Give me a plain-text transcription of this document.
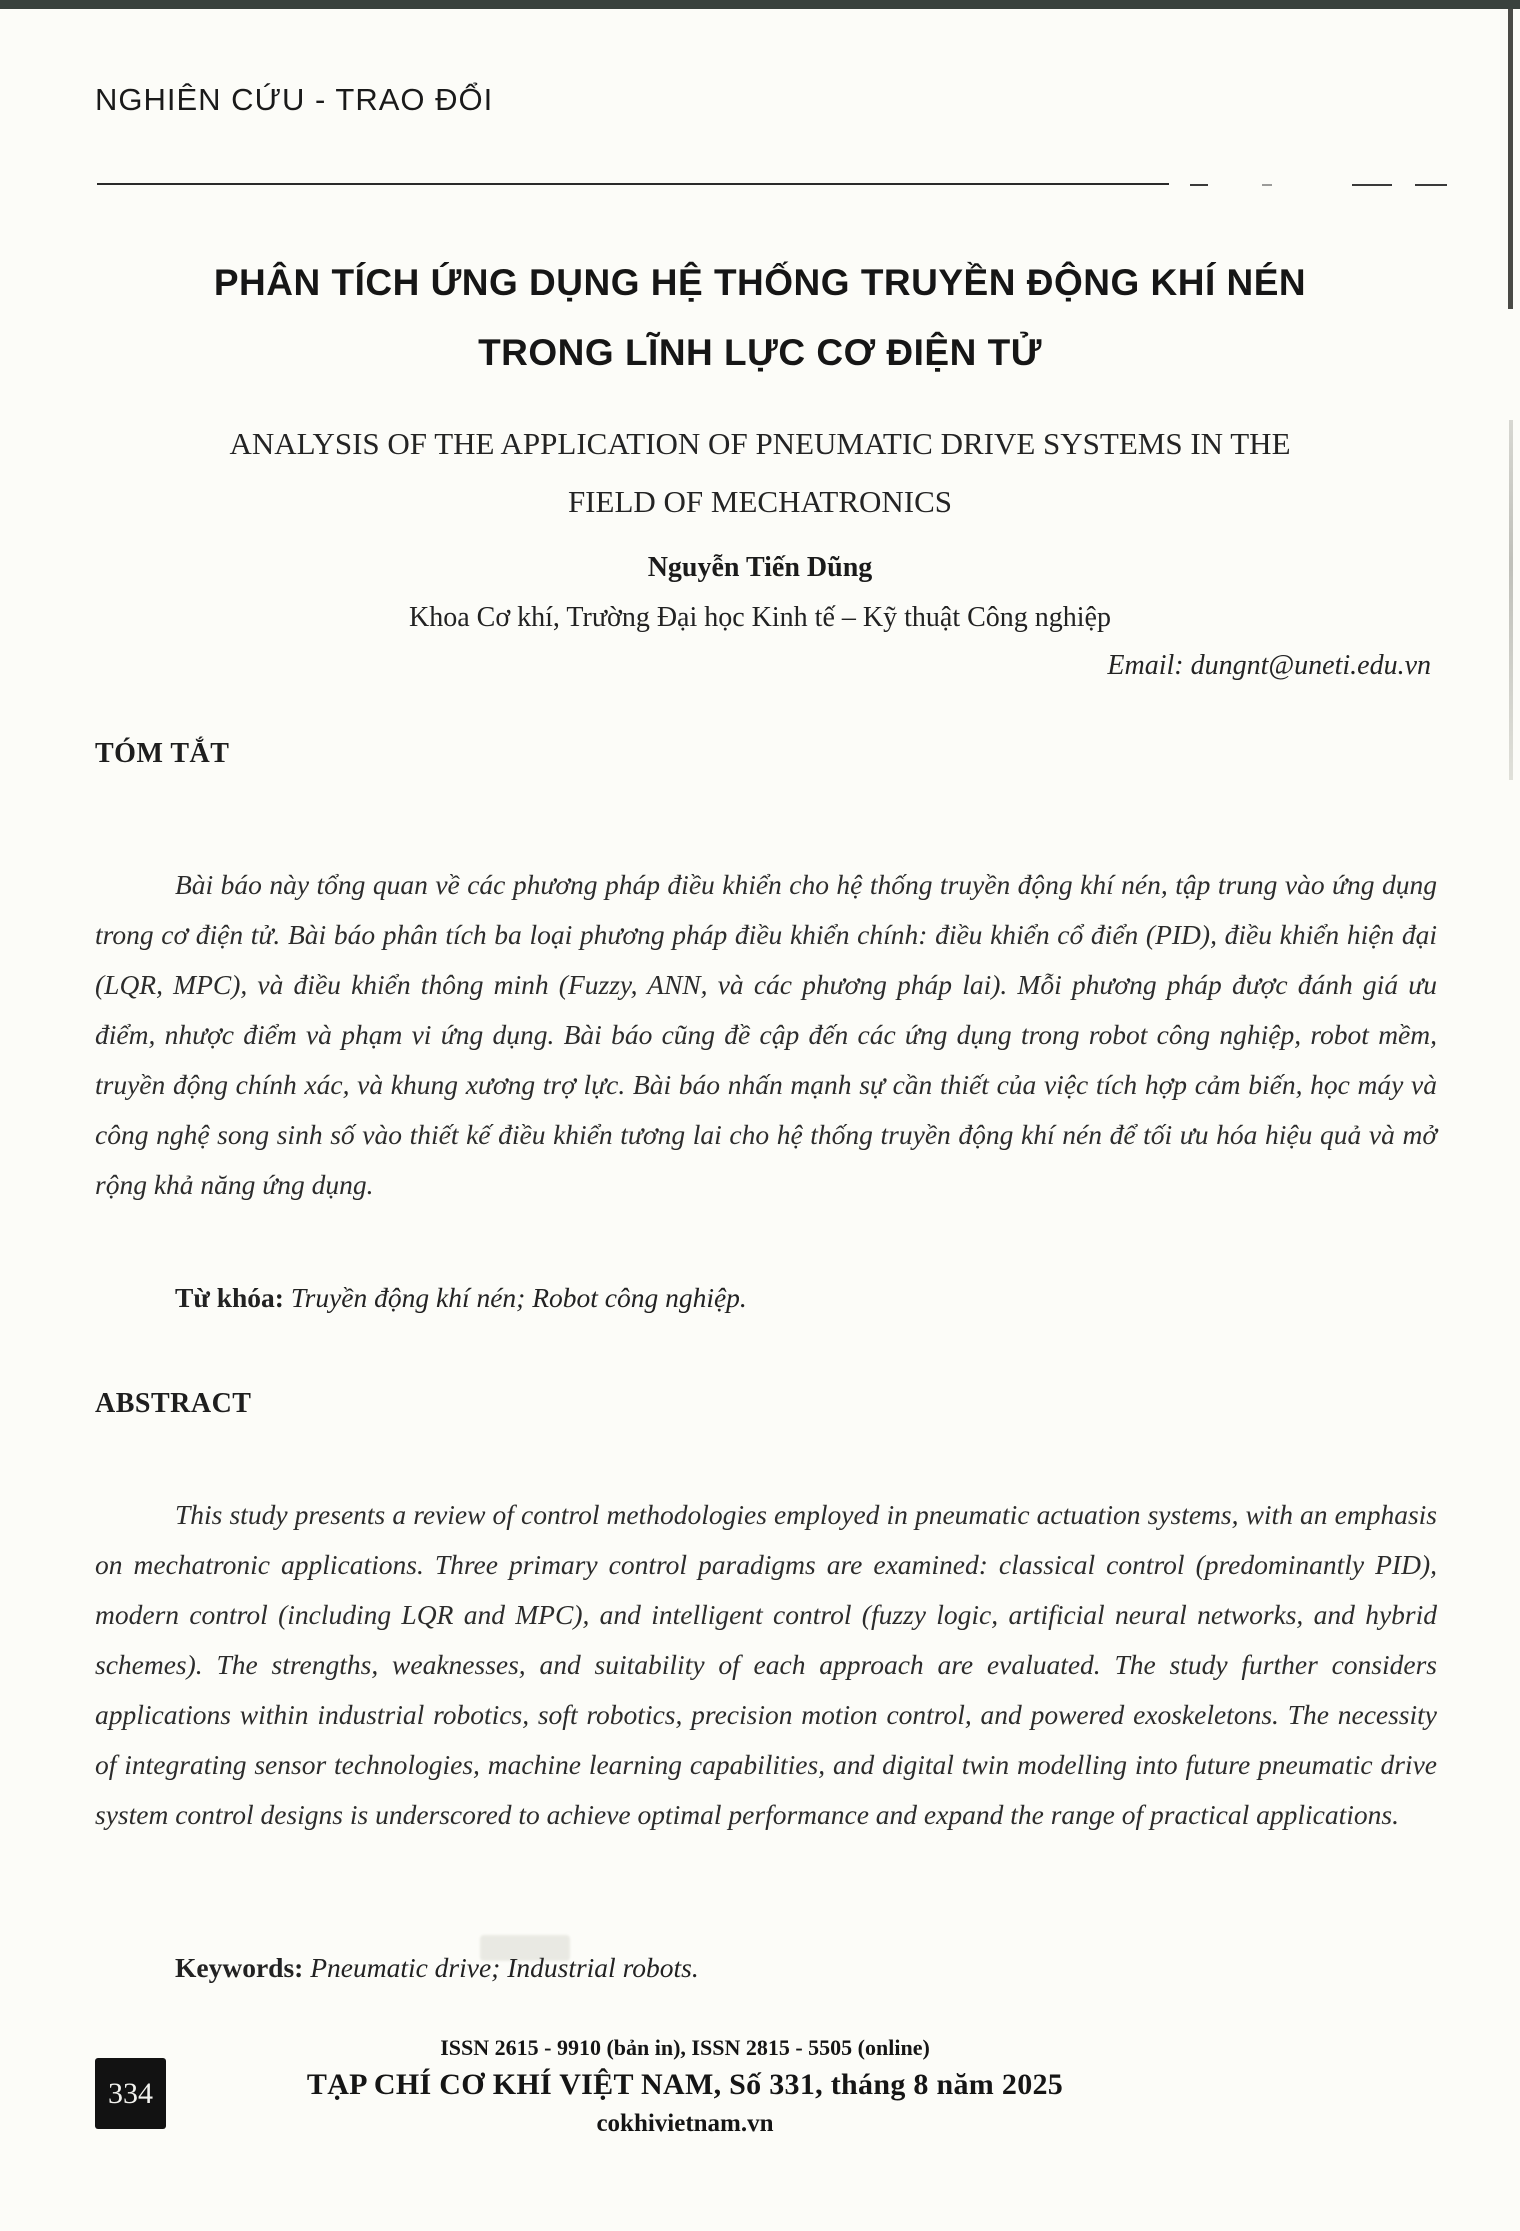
NGHIÊN CỨU - TRAO ĐỔI
PHÂN TÍCH ỨNG DỤNG HỆ THỐNG TRUYỀN ĐỘNG KHÍ NÉN
TRONG LĨNH LỰC CƠ ĐIỆN TỬ
ANALYSIS OF THE APPLICATION OF PNEUMATIC DRIVE SYSTEMS IN THE
FIELD OF MECHATRONICS
Nguyễn Tiến Dũng
Khoa Cơ khí, Trường Đại học Kinh tế – Kỹ thuật Công nghiệp
Email: dungnt@uneti.edu.vn
TÓM TẮT

Bài báo này tổng quan về các phương pháp điều khiển cho hệ thống truyền động khí nén, tập trung vào ứng dụng trong cơ điện tử. Bài báo phân tích ba loại phương pháp điều khiển chính: điều khiển cổ điển (PID), điều khiển hiện đại (LQR, MPC), và điều khiển thông minh (Fuzzy, ANN, và các phương pháp lai). Mỗi phương pháp được đánh giá ưu điểm, nhược điểm và phạm vi ứng dụng. Bài báo cũng đề cập đến các ứng dụng trong robot công nghiệp, robot mềm, truyền động chính xác, và khung xương trợ lực. Bài báo nhấn mạnh sự cần thiết của việc tích hợp cảm biến, học máy và công nghệ song sinh số vào thiết kế điều khiển tương lai cho hệ thống truyền động khí nén để tối ưu hóa hiệu quả và mở rộng khả năng ứng dụng.

Từ khóa: Truyền động khí nén; Robot công nghiệp.
ABSTRACT

This study presents a review of control methodologies employed in pneumatic actuation systems, with an emphasis on mechatronic applications. Three primary control paradigms are examined: classical control (predominantly PID), modern control (including LQR and MPC), and intelligent control (fuzzy logic, artificial neural networks, and hybrid schemes). The strengths, weaknesses, and suitability of each approach are evaluated. The study further considers applications within industrial robotics, soft robotics, precision motion control, and powered exoskeletons. The necessity of integrating sensor technologies, machine learning capabilities, and digital twin modelling into future pneumatic drive system control designs is underscored to achieve optimal performance and expand the range of practical applications.

Keywords: Pneumatic drive; Industrial robots.
ISSN 2615 - 9910 (bản in), ISSN 2815 - 5505 (online)
TẠP CHÍ CƠ KHÍ VIỆT NAM, Số 331, tháng 8 năm 2025
cokhivietnam.vn
334
